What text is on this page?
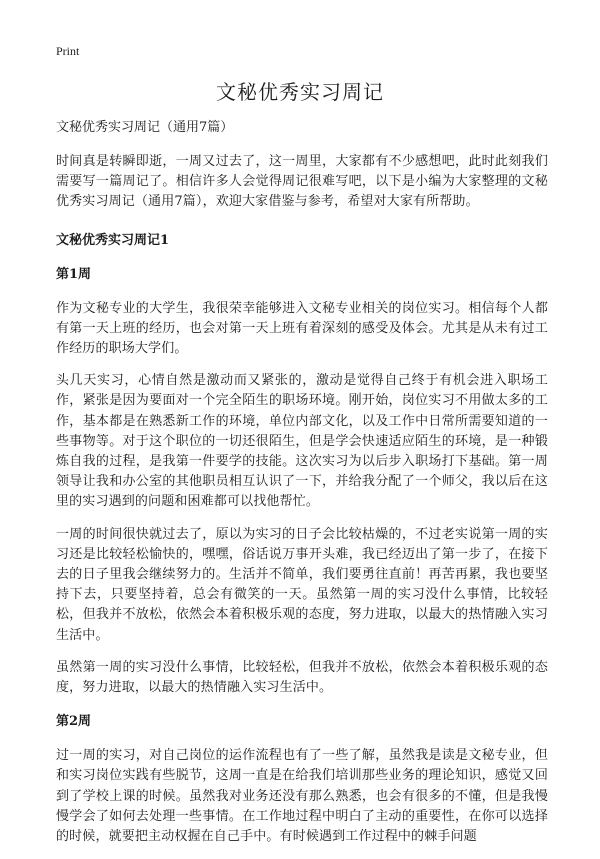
Print
文秘优秀实习周记
文秘优秀实习周记（通用7篇）

时间真是转瞬即逝，一周又过去了，这一周里，大家都有不少感想吧，此时此刻我们需要写一篇周记了。相信许多人会觉得周记很难写吧，以下是小编为大家整理的文秘优秀实习周记（通用7篇），欢迎大家借鉴与参考，希望对大家有所帮助。

文秘优秀实习周记1
第1周

作为文秘专业的大学生，我很荣幸能够进入文秘专业相关的岗位实习。相信每个人都有第一天上班的经历，也会对第一天上班有着深刻的感受及体会。尤其是从未有过工作经历的职场大学们。

头几天实习，心情自然是激动而又紧张的，激动是觉得自己终于有机会进入职场工作，紧张是因为要面对一个完全陌生的职场环境。刚开始，岗位实习不用做太多的工作，基本都是在熟悉新工作的环境，单位内部文化，以及工作中日常所需要知道的一些事物等。对于这个职位的一切还很陌生，但是学会快速适应陌生的环境，是一种锻炼自我的过程，是我第一件要学的技能。这次实习为以后步入职场打下基础。第一周领导让我和办公室的其他职员相互认识了一下，并给我分配了一个师父，我以后在这里的实习遇到的问题和困难都可以找他帮忙。

一周的时间很快就过去了，原以为实习的日子会比较枯燥的，不过老实说第一周的实习还是比较轻松愉快的，嘿嘿，俗话说万事开头难，我已经迈出了第一步了，在接下去的日子里我会继续努力的。生活并不简单，我们要勇往直前！再苦再累，我也要坚持下去，只要坚持着，总会有微笑的一天。虽然第一周的实习没什么事情，比较轻松，但我并不放松，依然会本着积极乐观的态度，努力进取，以最大的热情融入实习生活中。

虽然第一周的实习没什么事情，比较轻松，但我并不放松，依然会本着积极乐观的态度，努力进取，以最大的热情融入实习生活中。

第2周

过一周的实习，对自己岗位的运作流程也有了一些了解，虽然我是读是文秘专业，但和实习岗位实践有些脱节，这周一直是在给我们培训那些业务的理论知识，感觉又回到了学校上课的时候。虽然我对业务还没有那么熟悉，也会有很多的不懂，但是我慢慢学会了如何去处理一些事情。在工作地过程中明白了主动的重要性，在你可以选择的时候，就要把主动权握在自己手中。有时候遇到工作过程中的棘手问题
